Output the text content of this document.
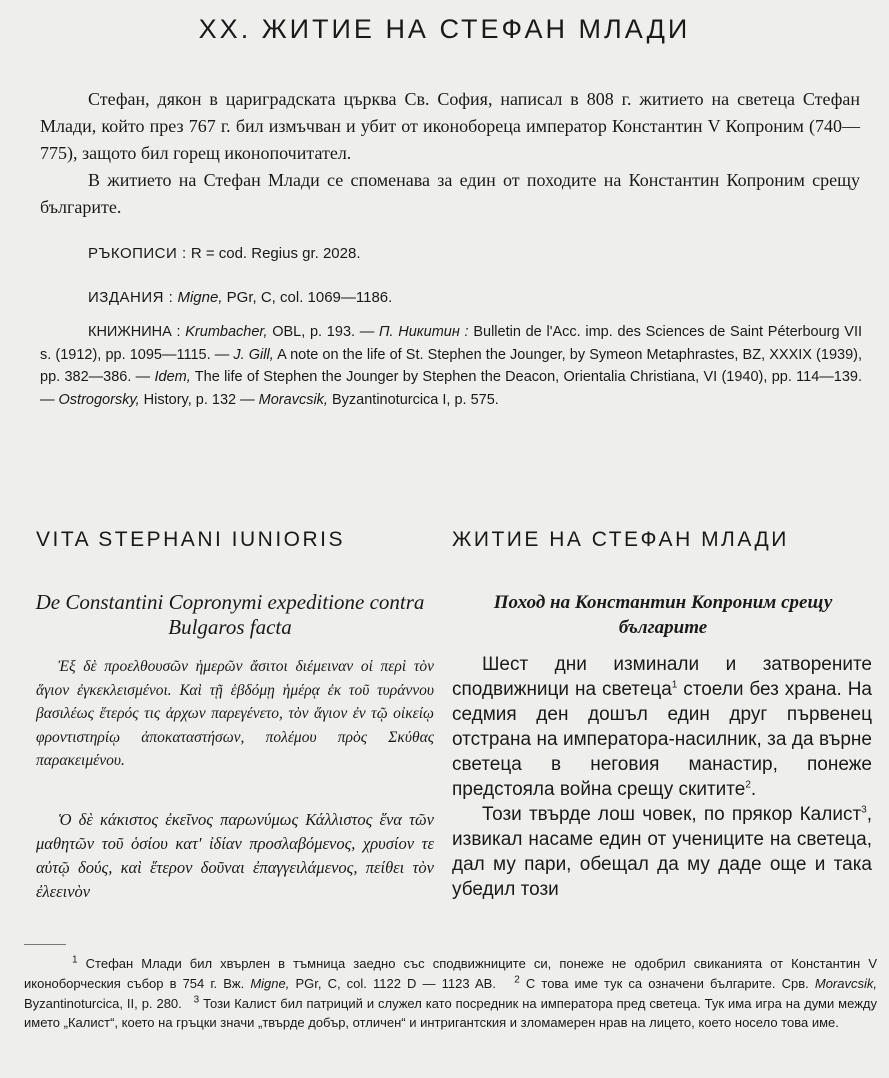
XX. ЖИТИЕ НА СТЕФАН МЛАДИ

Стефан, дякон в цариградската църква Св. София, написал в 808 г. житието на светеца Стефан Млади, който през 767 г. бил измъчван и убит от иконобореца император Константин V Копроним (740—775), защото бил горещ иконопочитател.

В житието на Стефан Млади се споменава за един от походите на Константин Копроним срещу българите.

РЪКОПИСИ : R = cod. Regius gr. 2028.
ИЗДАНИЯ : Migne, PGr, C, col. 1069—1186.
КНИЖНИНА : Krumbacher, OBL, p. 193. — П. Никитин : Bulletin de l'Acc. imp. des Sciences de Saint Péterbourg VII s. (1912), pp. 1095—1115. — J. Gill, A note on the life of St. Stephen the Jounger, by Symeon Metaphrastes, BZ, XXXIX (1939), pp. 382—386. — Idem, The life of Stephen the Jounger by Stephen the Deacon, Orientalia Christiana, VI (1940), pp. 114—139. — Ostrogorsky, History, p. 132 — Moravcsik, Byzantinoturcica I, p. 575.
VITA STEPHANI IUNIORIS	ЖИТИЕ НА СТЕФАН МЛАДИ
De Constantini Copronymi expeditione contra Bulgaros facta
Поход на Константин Копроним срещу българите

Ἐξ δὲ προελθουσῶν ἡμερῶν ἄσιτοι διέμειναν οἱ περὶ τὸν ἅγιον ἐγκεκλεισμένοι. Καὶ τῇ ἑβδόμῃ ἡμέρᾳ ἐκ τοῦ τυράννου βασιλέως ἕτερός τις ἀρχων παρεγένετο, τὸν ἅγιον ἐν τῷ οἰκείῳ φροντιστηρίῳ ἀποκαταστήσων, πολέμου πρὸς Σκύθας παρακειμένου.

Ὁ δὲ κάκιστος ἐκεῖνος παρωνύμως Κάλλιστος ἕνα τῶν μαθητῶν τοῦ ὁσίου κατ' ἰδίαν προσλαβόμενος, χρυσίον τε αὐτῷ δούς, καὶ ἕτερον δοῦναι ἐπαγγειλάμενος, πείθει τὸν ἐλεεινὸν

Шест дни изминали и затворените сподвижници на светеца$^1$ стоели без храна. На седмия ден дошъл един друг първенец отстрана на императора-насилник, за да върне светеца в неговия манастир, понеже предстояла война срещу скитите$^2$.

Този твърде лош човек, по прякор Калист$^3$, извикал насаме един от учениците на светеца, дал му пари, обещал да му даде още и така убедил този

$^1$ Стефан Млади бил хвърлен в тъмница заедно със сподвижниците си, понеже не одобрил свиканията от Константин V иконоборческия събор в 754 г. Вж. Migne, PGr, C, col. 1122 D — 1123 AB. $^2$ С това име тук са означени българите. Срв. Moravcsik, Byzantinoturcica, II, p. 280. $^3$ Този Калист бил патриций и служел като посредник на императора пред светеца. Тук има игра на думи между името „Калист“, което на гръцки значи „твърде добър, отличен“ и интригантския и зломамерен нрав на лицето, което носело това име.
